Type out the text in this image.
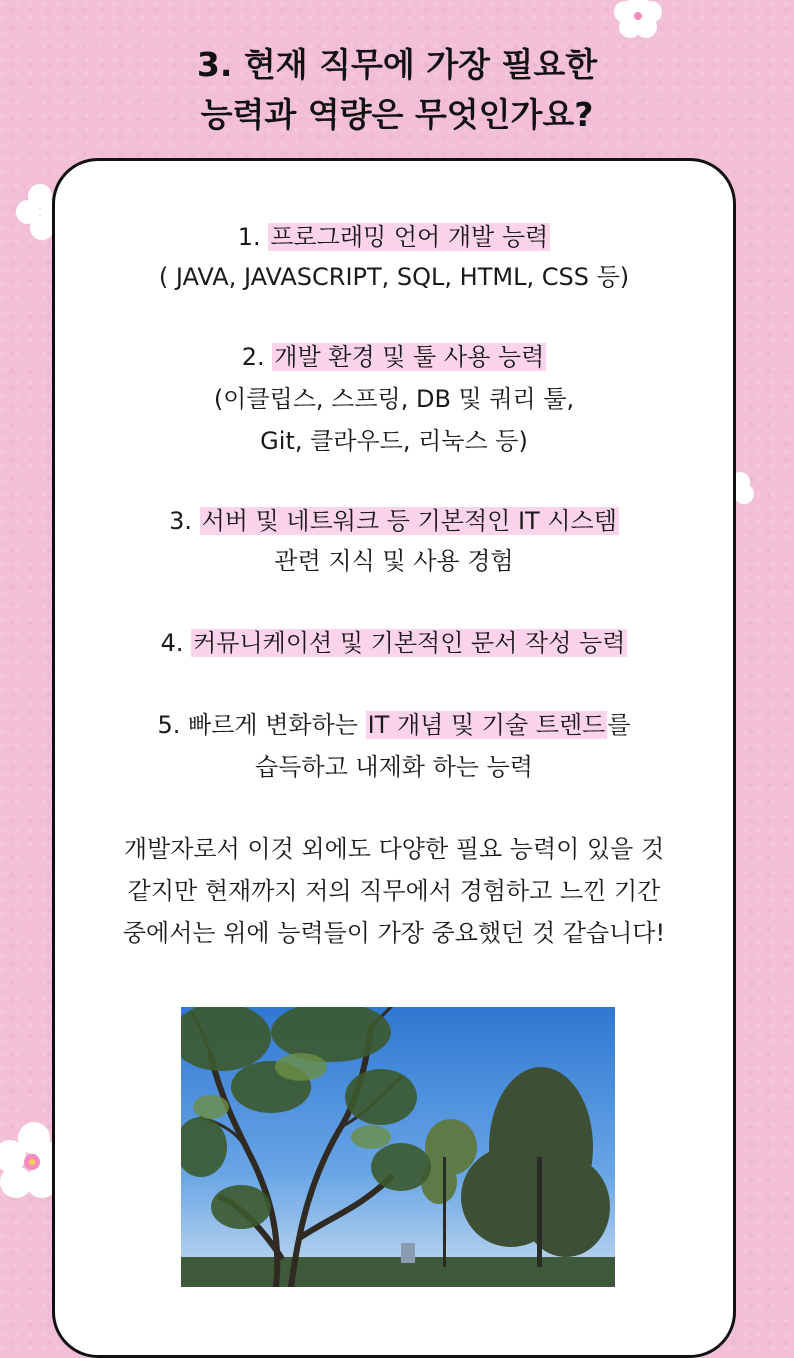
3. 현재 직무에 가장 필요한
능력과 역량은 무엇인가요?
1. 프로그래밍 언어 개발 능력
( JAVA, JAVASCRIPT, SQL, HTML, CSS 등)
2. 개발 환경 및 툴 사용 능력
(이클립스, 스프링, DB 및 쿼리 툴,
Git, 클라우드, 리눅스 등)
3. 서버 및 네트워크 등 기본적인 IT 시스템
관련 지식 및 사용 경험
4. 커뮤니케이션 및 기본적인 문서 작성 능력
5. 빠르게 변화하는 IT 개념 및 기술 트렌드를
습득하고 내제화 하는 능력
개발자로서 이것 외에도 다양한 필요 능력이 있을 것
같지만 현재까지 저의 직무에서 경험하고 느낀 기간
중에서는 위에 능력들이 가장 중요했던 것 같습니다!
